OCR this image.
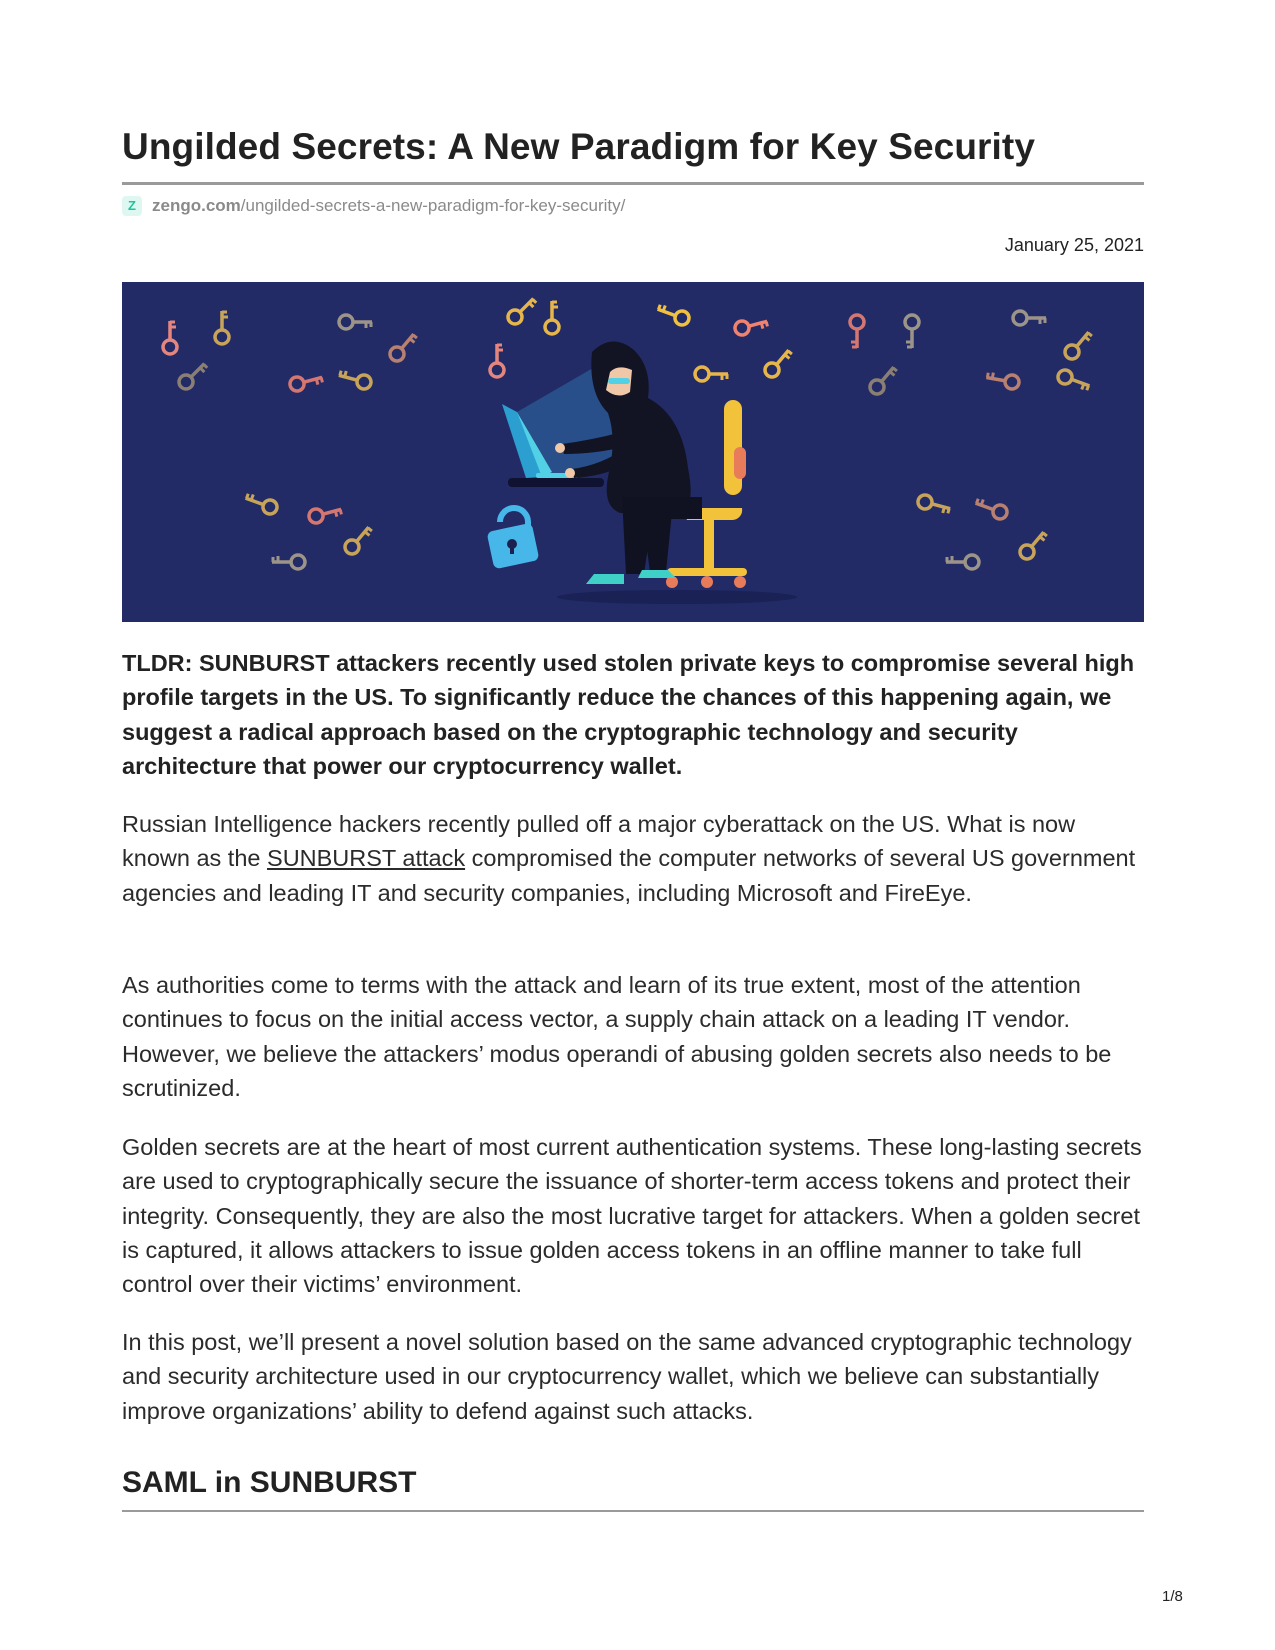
Ungilded Secrets: A New Paradigm for Key Security
Z zengo.com /ungilded-secrets-a-new-paradigm-for-key-security/
January 25, 2021

TLDR: SUNBURST attackers recently used stolen private keys to compromise several high profile targets in the US. To significantly reduce the chances of this happening again, we suggest a radical approach based on the cryptographic technology and security architecture that power our cryptocurrency wallet.

Russian Intelligence hackers recently pulled off a major cyberattack on the US. What is now known as the SUNBURST attack compromised the computer networks of several US government agencies and leading IT and security companies, including Microsoft and FireEye.

As authorities come to terms with the attack and learn of its true extent, most of the attention continues to focus on the initial access vector, a supply chain attack on a leading IT vendor. However, we believe the attackers’ modus operandi of abusing golden secrets also needs to be scrutinized.

Golden secrets are at the heart of most current authentication systems. These long-lasting secrets are used to cryptographically secure the issuance of shorter-term access tokens and protect their integrity. Consequently, they are also the most lucrative target for attackers. When a golden secret is captured, it allows attackers to issue golden access tokens in an offline manner to take full control over their victims’ environment.

In this post, we’ll present a novel solution based on the same advanced cryptographic technology and security architecture used in our cryptocurrency wallet, which we believe can substantially improve organizations’ ability to defend against such attacks.

SAML in SUNBURST
1/8
